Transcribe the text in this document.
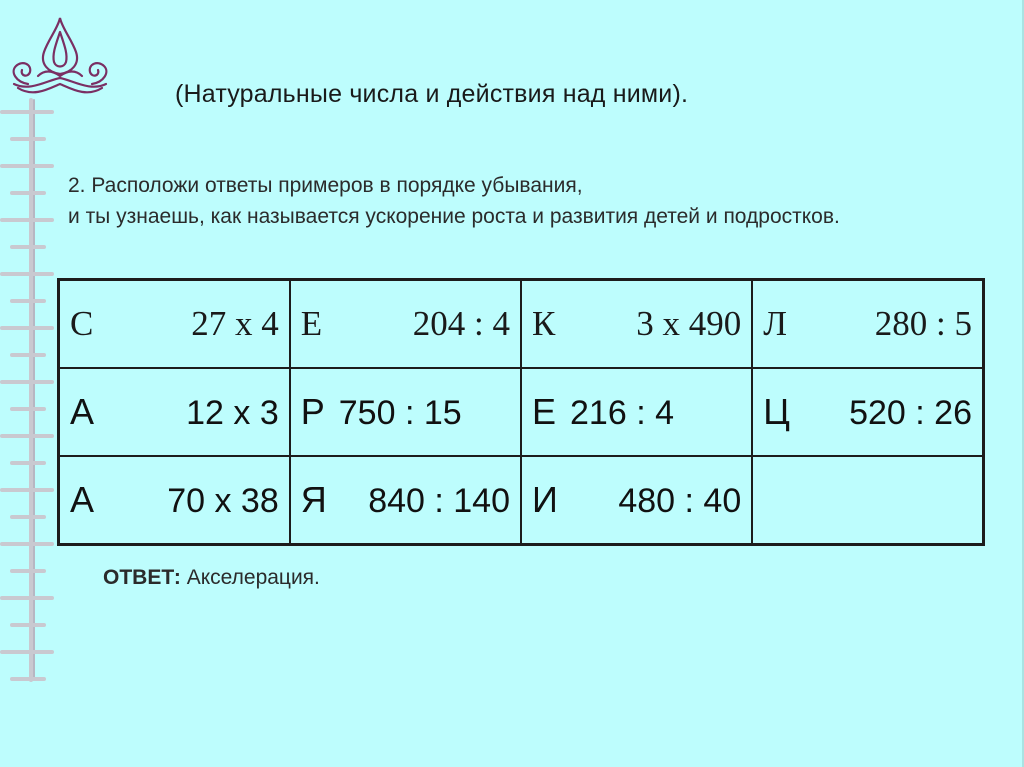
(Натуральные числа и действия над ними).
2. Расположи ответы примеров в порядке убывания,
и ты узнаешь, как называется ускорение роста и развития детей и подростков.
С 27 х 4	Е 204 : 4	К 3 х 490	Л 280 : 5

А 12 х 3	Р 750 : 15	Е 216 : 4	Ц 520 : 26

А 70 х 38	Я 840 : 140	И 480 : 40	

ОТВЕТ: Акселерация.
